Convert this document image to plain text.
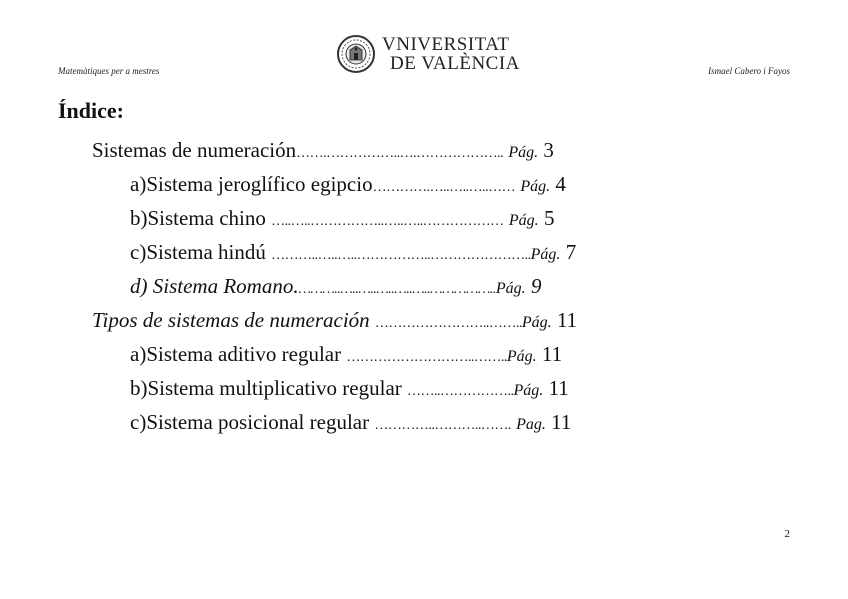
Matemàtiques per a mestres
VNIVERSITAT
DE VALÈNCIA	Ismael Cabero i Fayos
Índice:
Sistemas de numeración…….……………..….……………….. Pág. 3
a)Sistema jeroglífico egipcio………….…..…..…..…… Pág. 4
b)Sistema chino …..…..……………..…..…..……………… Pág. 5
c)Sistema hindú ………..…..…..……………..…………………..Pág. 7
d) Sistema Romano.………..…..…..…..…..…..……………..Pág. 9
Tipos de sistemas de numeración ……………………..……..Pág. 11
a)Sistema aditivo regular ………………………..……..Pág. 11
b)Sistema multiplicativo regular ……..……………..Pág. 11
c)Sistema posicional regular …………..………..……. Pag. 11
2
